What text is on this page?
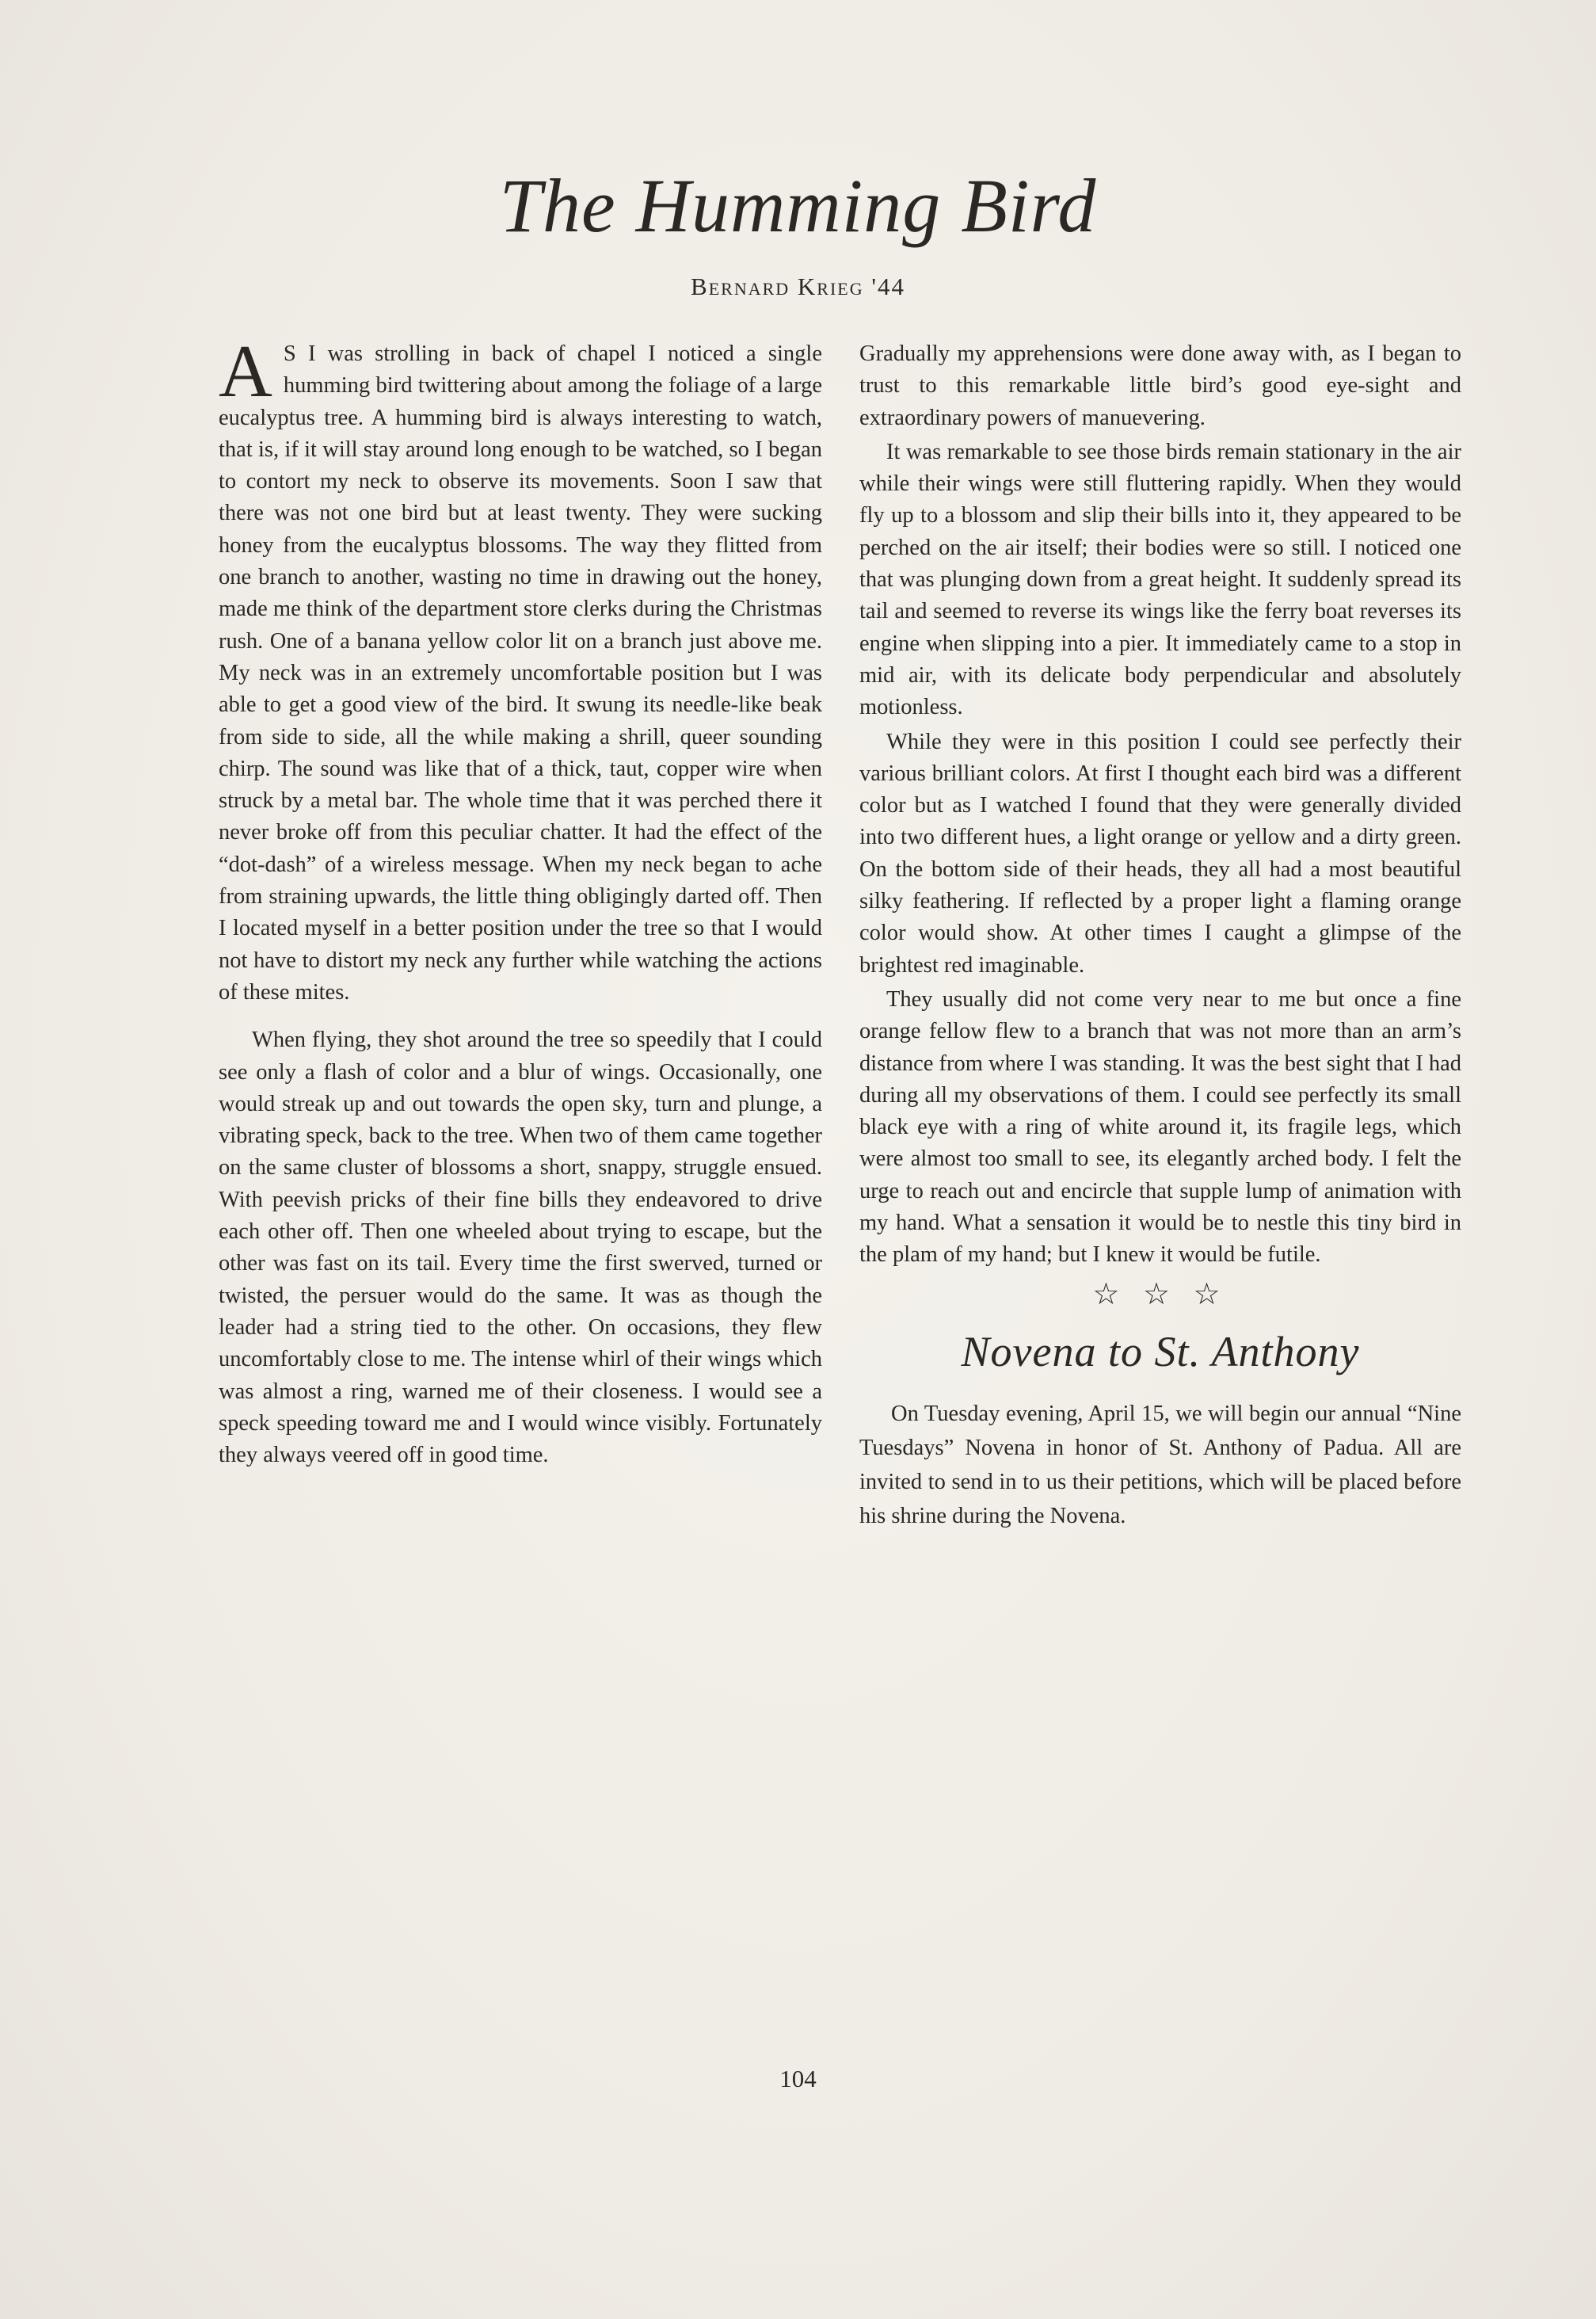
The Humming Bird
Bernard Krieg '44

A S I was strolling in back of chapel I noticed a single humming bird twittering about among the foliage of a large eucalyptus tree. A humming bird is always interesting to watch, that is, if it will stay around long enough to be watched, so I began to contort my neck to observe its movements. Soon I saw that there was not one bird but at least twenty. They were sucking honey from the eucalyptus blossoms. The way they flitted from one branch to another, wasting no time in drawing out the honey, made me think of the department store clerks during the Christmas rush. One of a banana yellow color lit on a branch just above me. My neck was in an extremely uncomfortable position but I was able to get a good view of the bird. It swung its needle-like beak from side to side, all the while making a shrill, queer sounding chirp. The sound was like that of a thick, taut, copper wire when struck by a metal bar. The whole time that it was perched there it never broke off from this peculiar chatter. It had the effect of the “dot-dash” of a wireless message. When my neck began to ache from straining upwards, the little thing obligingly darted off. Then I located myself in a better position under the tree so that I would not have to distort my neck any further while watching the actions of these mites.

When flying, they shot around the tree so speedily that I could see only a flash of color and a blur of wings. Occasionally, one would streak up and out towards the open sky, turn and plunge, a vibrating speck, back to the tree. When two of them came together on the same cluster of blossoms a short, snappy, struggle ensued. With peevish pricks of their fine bills they endeavored to drive each other off. Then one wheeled about trying to escape, but the other was fast on its tail. Every time the first swerved, turned or twisted, the persuer would do the same. It was as though the leader had a string tied to the other. On occasions, they flew uncomfortably close to me. The intense whirl of their wings which was almost a ring, warned me of their closeness. I would see a speck speeding toward me and I would wince visibly. Fortunately they always veered off in good time.

Gradually my apprehensions were done away with, as I began to trust to this remarkable little bird’s good eye-sight and extraordinary powers of manuevering.

It was remarkable to see those birds remain stationary in the air while their wings were still fluttering rapidly. When they would fly up to a blossom and slip their bills into it, they appeared to be perched on the air itself; their bodies were so still. I noticed one that was plunging down from a great height. It suddenly spread its tail and seemed to reverse its wings like the ferry boat reverses its engine when slipping into a pier. It immediately came to a stop in mid air, with its delicate body perpendicular and absolutely motionless.

While they were in this position I could see perfectly their various brilliant colors. At first I thought each bird was a different color but as I watched I found that they were generally divided into two different hues, a light orange or yellow and a dirty green. On the bottom side of their heads, they all had a most beautiful silky feathering. If reflected by a proper light a flaming orange color would show. At other times I caught a glimpse of the brightest red imaginable.

They usually did not come very near to me but once a fine orange fellow flew to a branch that was not more than an arm’s distance from where I was standing. It was the best sight that I had during all my observations of them. I could see perfectly its small black eye with a ring of white around it, its fragile legs, which were almost too small to see, its elegantly arched body. I felt the urge to reach out and encircle that supple lump of animation with my hand. What a sensation it would be to nestle this tiny bird in the plam of my hand; but I knew it would be futile.

☆ ☆ ☆
Novena to St. Anthony

On Tuesday evening, April 15, we will begin our annual “Nine Tuesdays” Novena in honor of St. Anthony of Padua. All are invited to send in to us their petitions, which will be placed before his shrine during the Novena.

104
